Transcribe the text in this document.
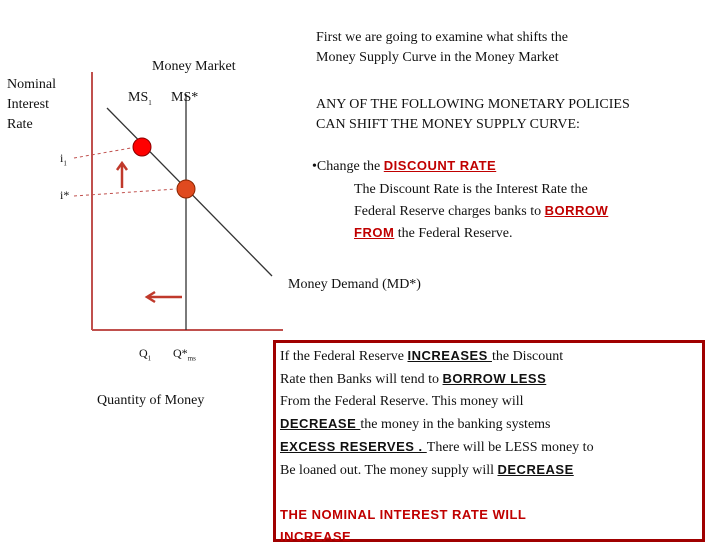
Money Market
Nominal
Interest
Rate
$MS_1$ MS*
$i_1$
i*
$Q_1$ $Q*_{ms}$
Quantity of Money
Money Demand (MD*)
First we are going to examine what shifts the
Money Supply Curve in the Money Market
ANY OF THE FOLLOWING MONETARY POLICIES
CAN SHIFT THE MONEY SUPPLY CURVE:
•Change the DISCOUNT RATE
The Discount Rate is the Interest Rate the
Federal Reserve charges banks to BORROW
FROM the Federal Reserve.
If the Federal Reserve INCREASES the Discount
Rate then Banks will tend to BORROW LESS
From the Federal Reserve. This money will
DECREASE the money in the banking systems
EXCESS RESERVES . There will be LESS money to
Be loaned out. The money supply will DECREASE
THE NOMINAL INTEREST RATE WILL
INCREASE
